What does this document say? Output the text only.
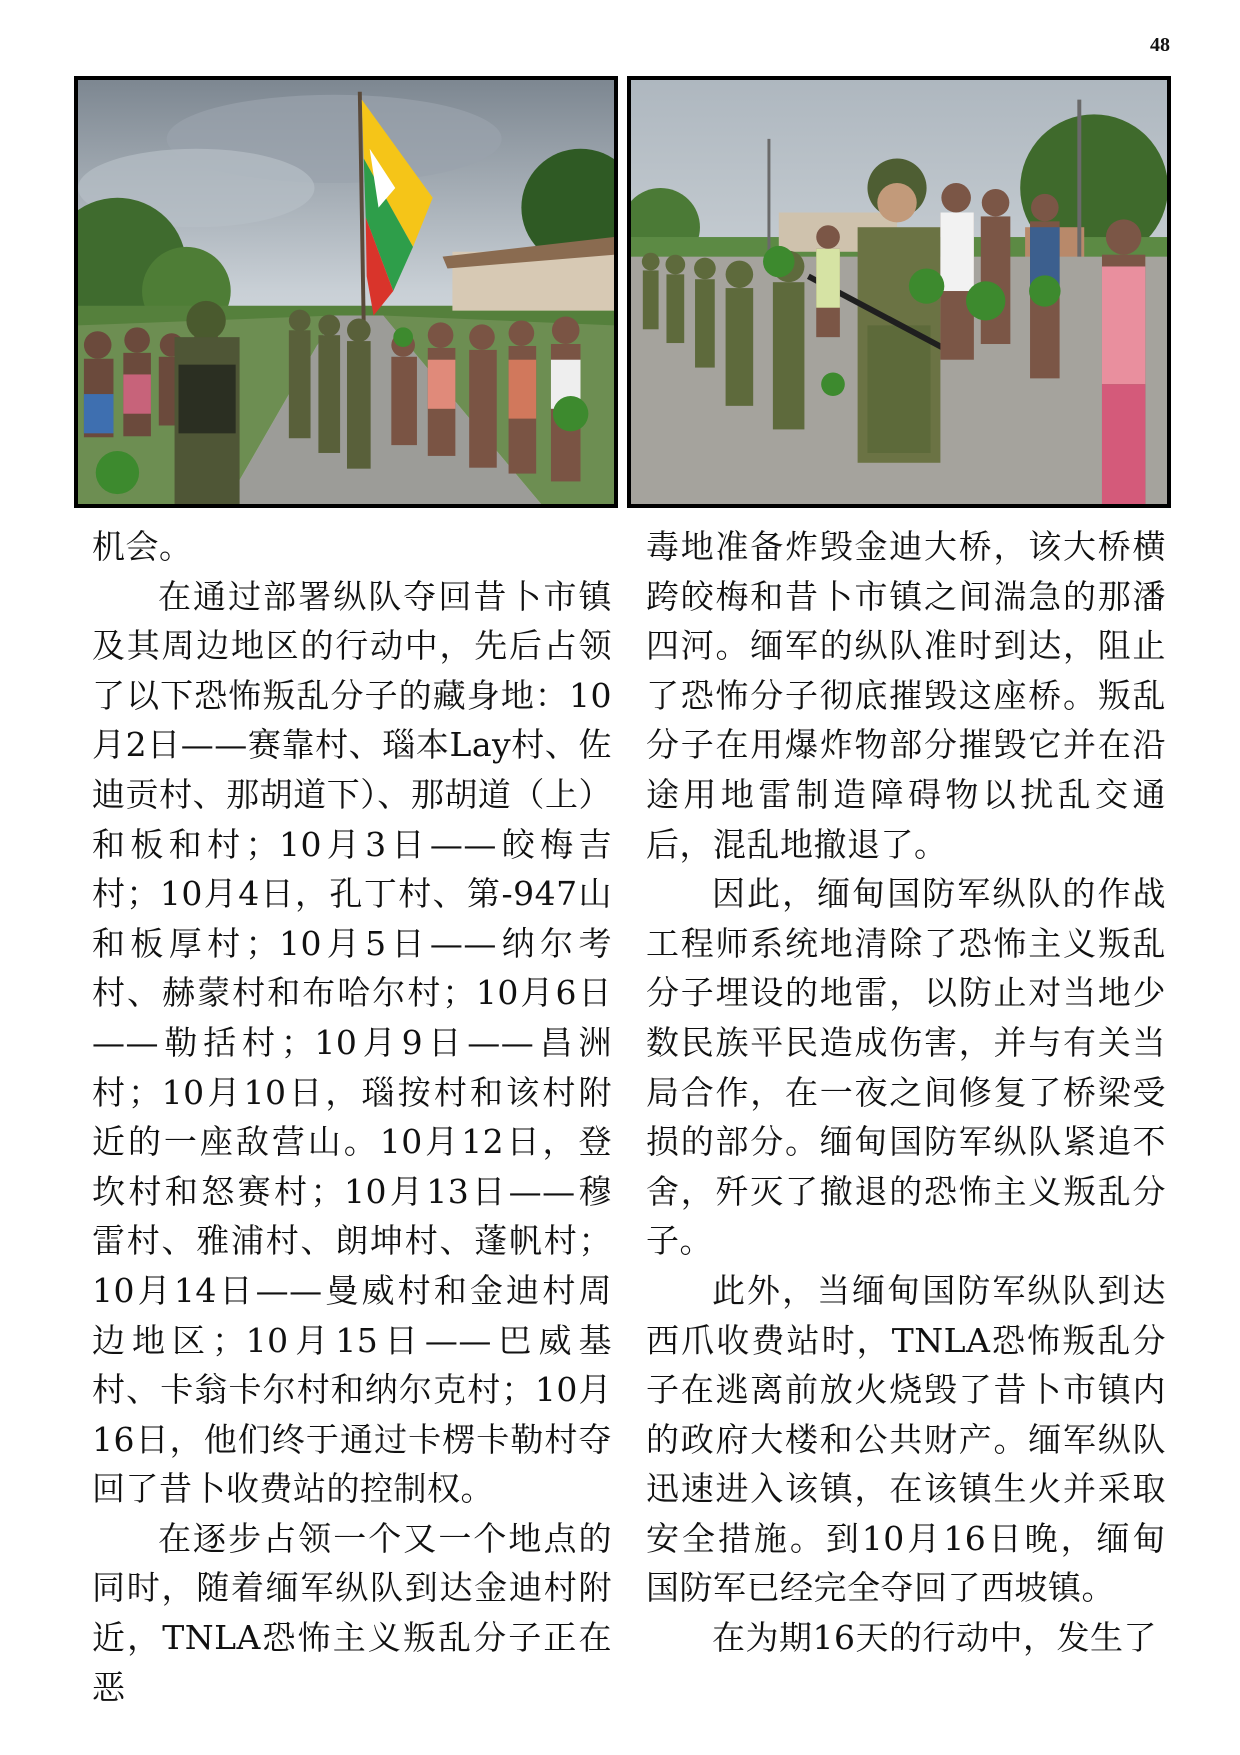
48

机会。

在通过部署纵队夺回昔卜市镇及其周边地区的行动中，先后占领了以下恐怖叛乱分子的藏身地：10月2日——赛靠村、瑙本Lay村、佐迪贡村、那胡道下）、那胡道（上）和板和村；10月3日——皎梅吉村；10月4日，孔丁村、第-947山和板厚村；10月5日——纳尔考村、赫蒙村和布哈尔村；10月6日——勒括村；10月9日——昌洲村；10月10日，瑙按村和该村附近的一座敌营山。10月12日，登坎村和怒赛村；10月13日——穆雷村、雅浦村、朗坤村、蓬帆村；10月14日——曼威村和金迪村周边地区；10月15日——巴威基村、卡翁卡尔村和纳尔克村；10月16日，他们终于通过卡楞卡勒村夺回了昔卜收费站的控制权。

在逐步占领一个又一个地点的同时，随着缅军纵队到达金迪村附近，TNLA恐怖主义叛乱分子正在恶

毒地准备炸毁金迪大桥，该大桥横跨皎梅和昔卜市镇之间湍急的那潘四河。缅军的纵队准时到达，阻止了恐怖分子彻底摧毁这座桥。叛乱分子在用爆炸物部分摧毁它并在沿途用地雷制造障碍物以扰乱交通后，混乱地撤退了。

因此，缅甸国防军纵队的作战工程师系统地清除了恐怖主义叛乱分子埋设的地雷，以防止对当地少数民族平民造成伤害，并与有关当局合作，在一夜之间修复了桥梁受损的部分。缅甸国防军纵队紧追不舍，歼灭了撤退的恐怖主义叛乱分子。

此外，当缅甸国防军纵队到达西爪收费站时，TNLA恐怖叛乱分子在逃离前放火烧毁了昔卜市镇内的政府大楼和公共财产。缅军纵队迅速进入该镇，在该镇生火并采取安全措施。到10月16日晚，缅甸国防军已经完全夺回了西坡镇。

在为期16天的行动中，发生了
